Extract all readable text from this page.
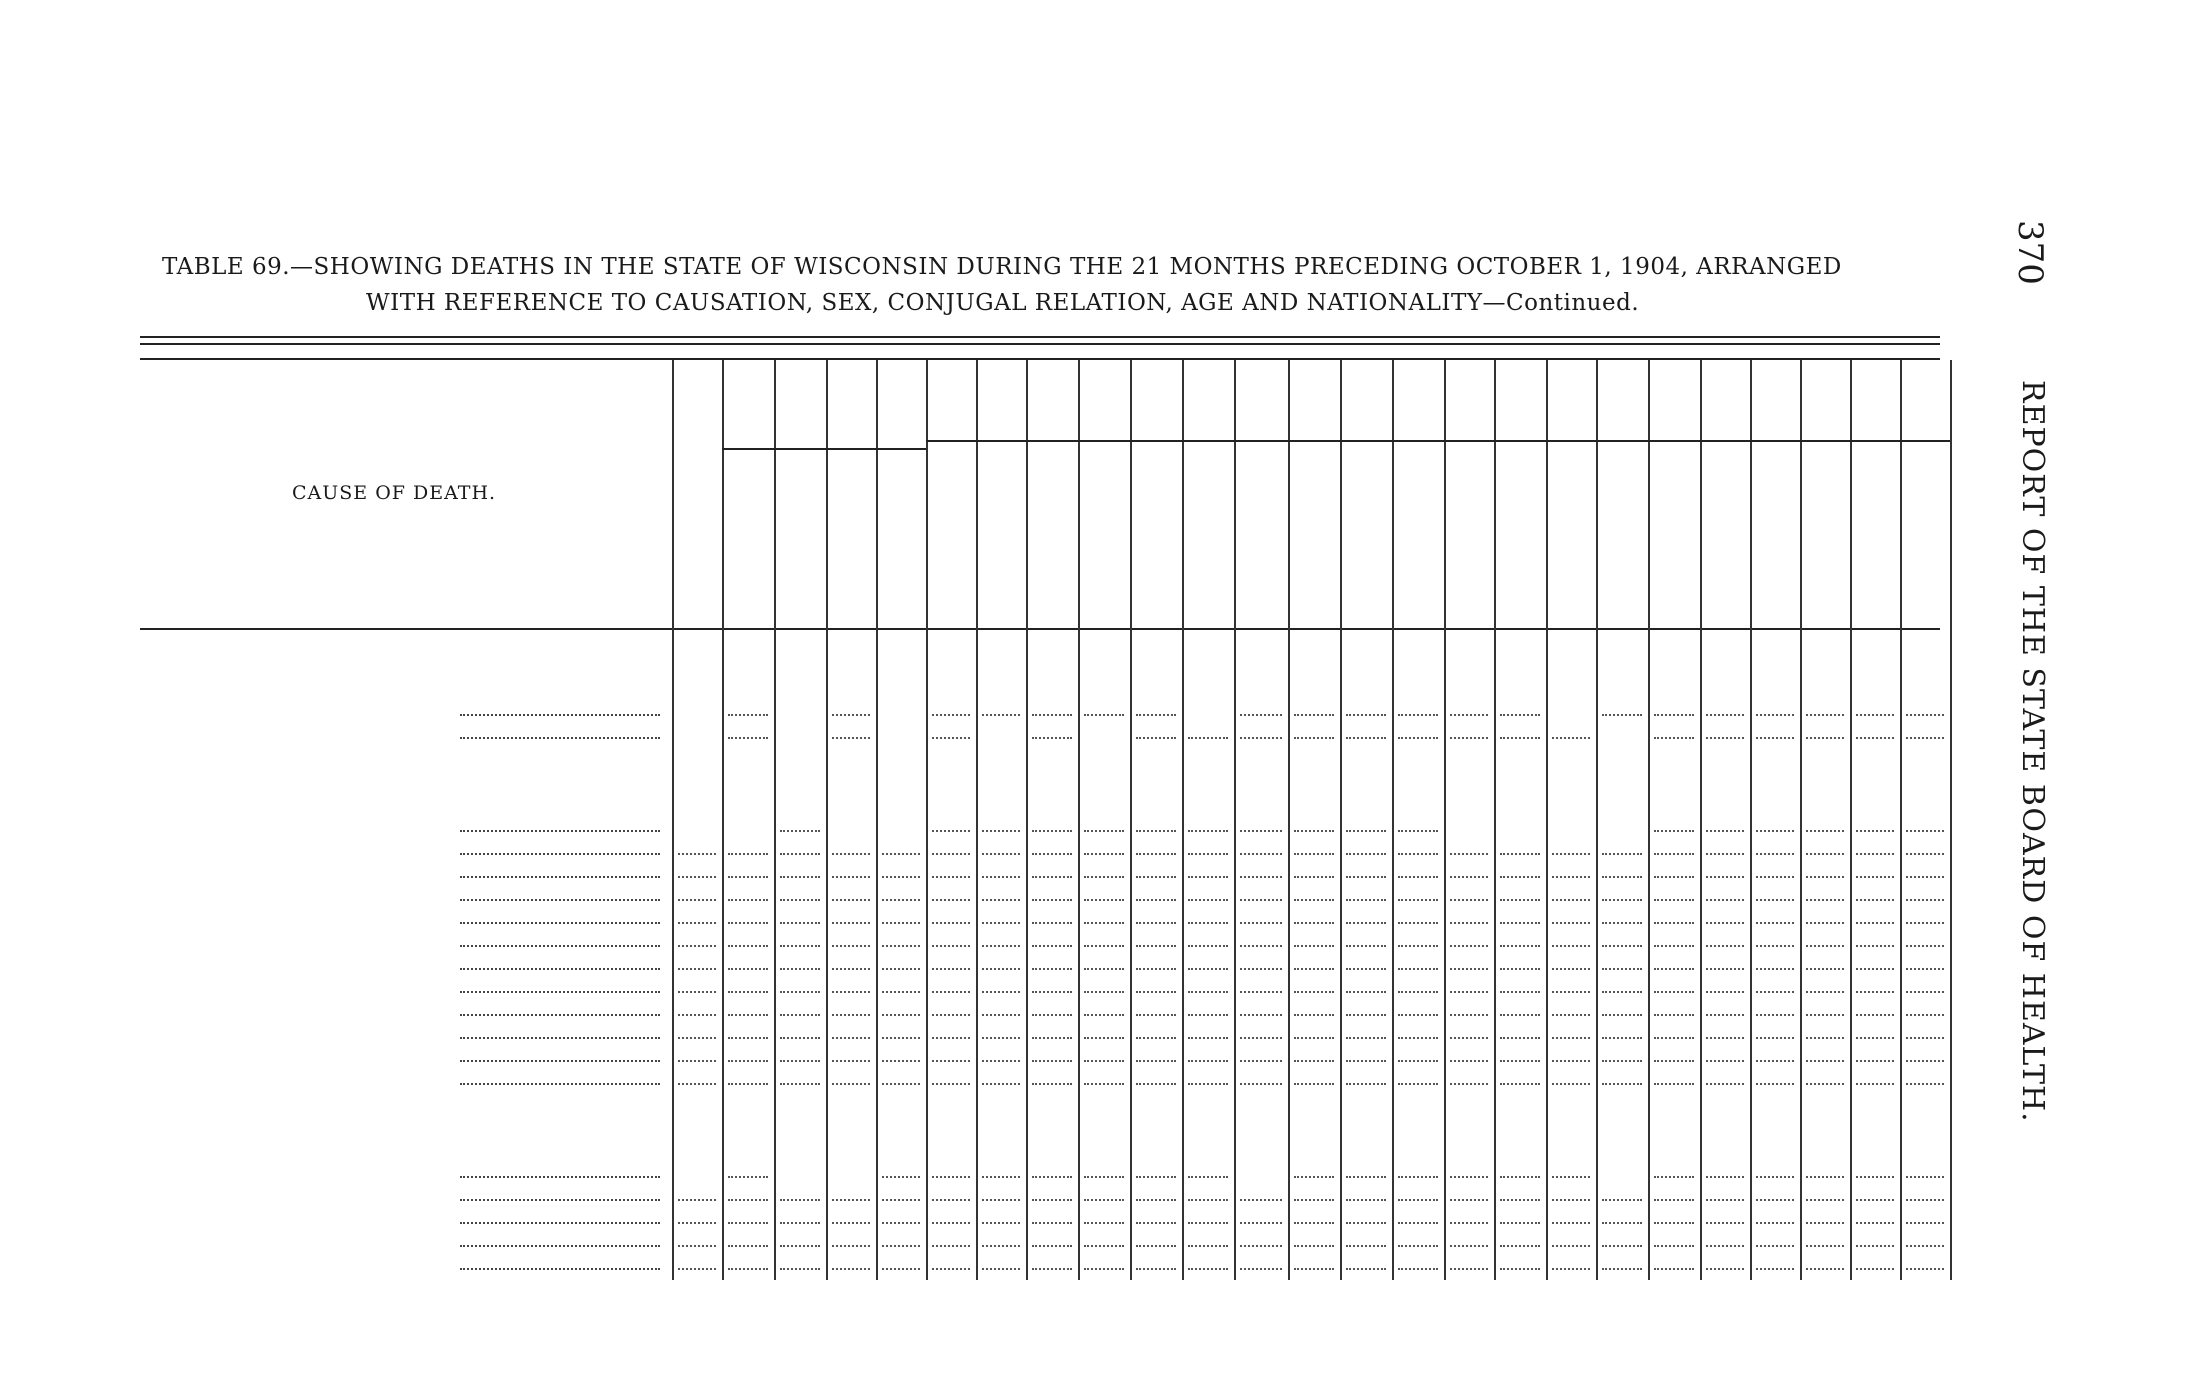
TABLE 69.—SHOWING DEATHS IN THE STATE OF WISCONSIN DURING THE 21 MONTHS PRECEDING OCTOBER 1, 1904, ARRANGED
WITH REFERENCE TO CAUSATION, SEX, CONJUGAL RELATION, AGE AND NATIONALITY—Continued.
370
REPORT OF THE STATE BOARD OF HEALTH.
CAUSE OF DEATH.
